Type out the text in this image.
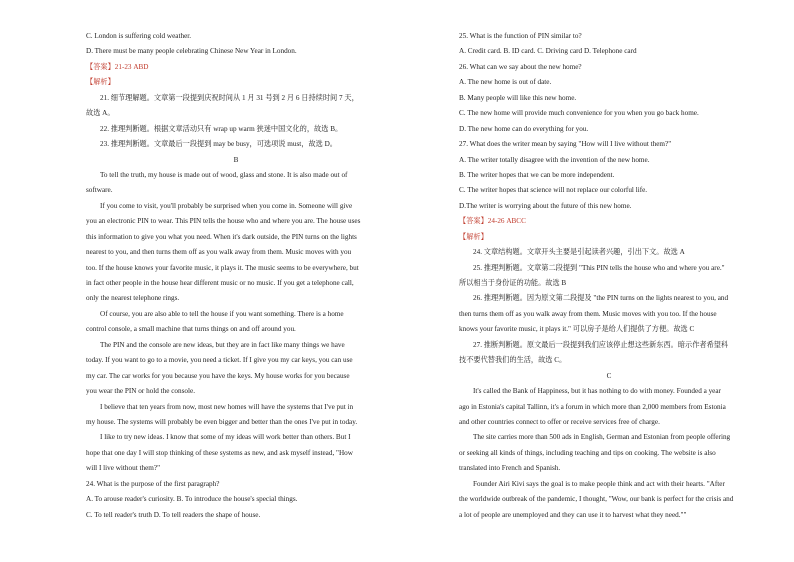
C. London is suffering cold weather.
D. There must be many people celebrating Chinese New Year in London.
【答案】21-23 ABD
【解析】
21. 细节理解题。文章第一段提到庆祝时间从 1 月 31 号到 2 月 6 日持续时间 7 天，
故选 A。
22. 推理判断题。根据文章活动只有 wrap up warm 狭迷中国文化的，故选 B。
23. 推理判断题。文章最后一段提到 may be busy，可选项说 must，故选 D。
B
To tell the truth, my house is made out of wood, glass and stone. It is also made out of
software.
If you come to visit, you'll probably be surprised when you come in. Someone will give
you an electronic PIN to wear. This PIN tells the house who and where you are. The house uses
this information to give you what you need. When it's dark outside, the PIN turns on the lights
nearest to you, and then turns them off as you walk away from them. Music moves with you
too. If the house knows your favorite music, it plays it. The music seems to be everywhere, but
in fact other people in the house hear different music or no music. If you get a telephone call,
only the nearest telephone rings.
Of course, you are also able to tell the house if you want something. There is a home
control console, a small machine that turns things on and off around you.
The PIN and the console are new ideas, but they are in fact like many things we have
today. If you want to go to a movie, you need a ticket. If I give you my car keys, you can use
my car. The car works for you because you have the keys. My house works for you because
you wear the PIN or hold the console.
I believe that ten years from now, most new homes will have the systems that I've put in
my house. The systems will probably be even bigger and better than the ones I've put in today.
I like to try new ideas. I know that some of my ideas will work better than others. But I
hope that one day I will stop thinking of these systems as new, and ask myself instead, "How
will I live without them?"
24. What is the purpose of the first paragraph?
A. To arouse reader's curiosity. B. To introduce the house's special things.
C. To tell reader's truth D. To tell readers the shape of house.
25. What is the function of PIN similar to?
A. Credit card. B. ID card. C. Driving card D. Telephone card
26. What can we say about the new home?
A. The new home is out of date.
B. Many people will like this new home.
C. The new home will provide much convenience for you when you go back home.
D. The new home can do everything for you.
27. What does the writer mean by saying "How will I live without them?"
A. The writer totally disagree with the invention of the new home.
B. The writer hopes that we can be more independent.
C. The writer hopes that science will not replace our colorful life.
D.The writer is worrying about the future of this new home.
【答案】24-26 ABCC
【解析】
24. 文章结构题。文章开头主要是引起读者兴趣，引出下文。故选 A
25. 推理判断题。文章第二段提到 "This PIN tells the house who and where you are."
所以相当于身份证的功能。故选 B
26. 推理判断题。因为原文第二段提及 "the PIN turns on the lights nearest to you, and
then turns them off as you walk away from them. Music moves with you too. If the house
knows your favorite music, it plays it." 可以房子是给人们提供了方便。故选 C
27. 推断判断题。原文最后一段提到我们应该停止想这些新东西。暗示作者希望科
技不要代替我们的生活，故选 C。
C
It's called the Bank of Happiness, but it has nothing to do with money. Founded a year
ago in Estonia's capital Tallinn, it's a forum in which more than 2,000 members from Estonia
and other countries connect to offer or receive services free of charge.
The site carries more than 500 ads in English, German and Estonian from people offering
or seeking all kinds of things, including teaching and tips on cooking. The website is also
translated into French and Spanish.
Founder Airi Kivi says the goal is to make people think and act with their hearts. "After
the worldwide outbreak of the pandemic, I thought, "Wow, our bank is perfect for the crisis and
a lot of people are unemployed and they can use it to harvest what they need.""
